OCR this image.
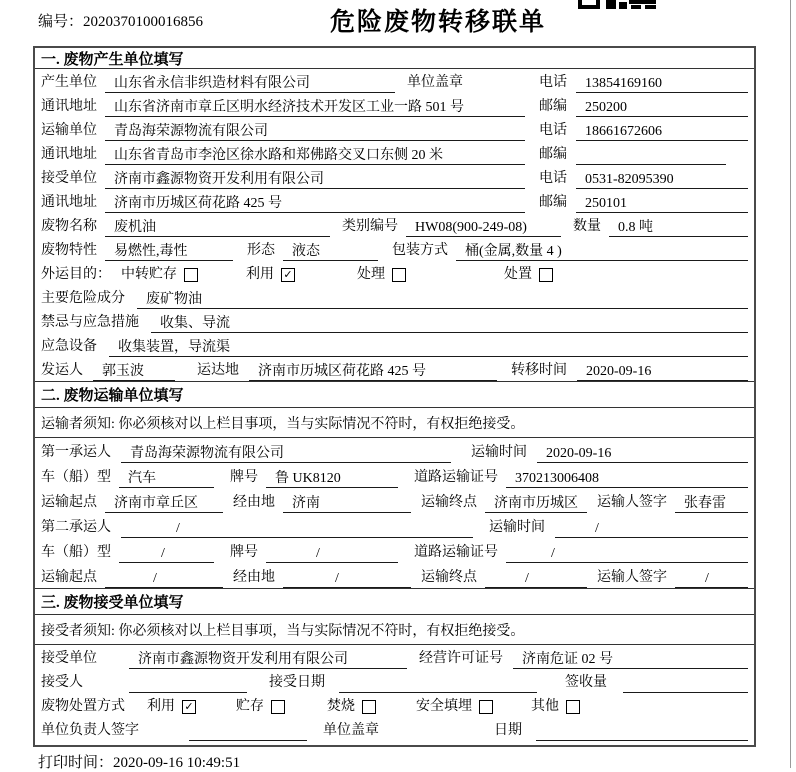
编号：2020370100016856	危险废物转移联单
一. 废物产生单位填写
产生单位	山东省永信非织造材料有限公司	单位盖章	电话	13854169160
通讯地址	山东省济南市章丘区明水经济技术开发区工业一路 501 号	邮编	250200
运输单位	青岛海荣源物流有限公司	电话	18661672606
通讯地址	山东省青岛市李沧区徐水路和郑佛路交叉口东侧 20 米	邮编
接受单位	济南市鑫源物资开发利用有限公司	电话	0531-82095390
通讯地址	济南市历城区荷花路 425 号	邮编	250101
废物名称	废机油	类别编号	HW08(900-249-08)	数量	0.8 吨
废物特性	易燃性,毒性	形态	液态	包装方式	桶(金属,数量 4 )
外运目的： 中转贮存	利用 ✓	处理	处置
主要危险成分	废矿物油
禁忌与应急措施	收集、导流
应急设备	收集装置，导流渠
发运人	郭玉波	运达地	济南市历城区荷花路 425 号	转移时间	2020-09-16
二. 废物运输单位填写
运输者须知: 你必须核对以上栏目事项，当与实际情况不符时，有权拒绝接受。
第一承运人	青岛海荣源物流有限公司	运输时间	2020-09-16
车（船）型	汽车	牌号	鲁 UK8120	道路运输证号	370213006408
运输起点	济南市章丘区	经由地	济南	运输终点	济南市历城区	运输人签字	张春雷
第二承运人	/	运输时间	/
车（船）型	/	牌号	/	道路运输证号	/
运输起点	/	经由地	/	运输终点	/	运输人签字	/
三. 废物接受单位填写
接受者须知: 你必须核对以上栏目事项，当与实际情况不符时，有权拒绝接受。
接受单位	济南市鑫源物资开发利用有限公司	经营许可证号	济南危证 02 号
接受人	接受日期	签收量
废物处置方式 利用 ✓	贮存	焚烧	安全填埋	其他
单位负责人签字	单位盖章	日期
打印时间：2020-09-16 10:49:51
